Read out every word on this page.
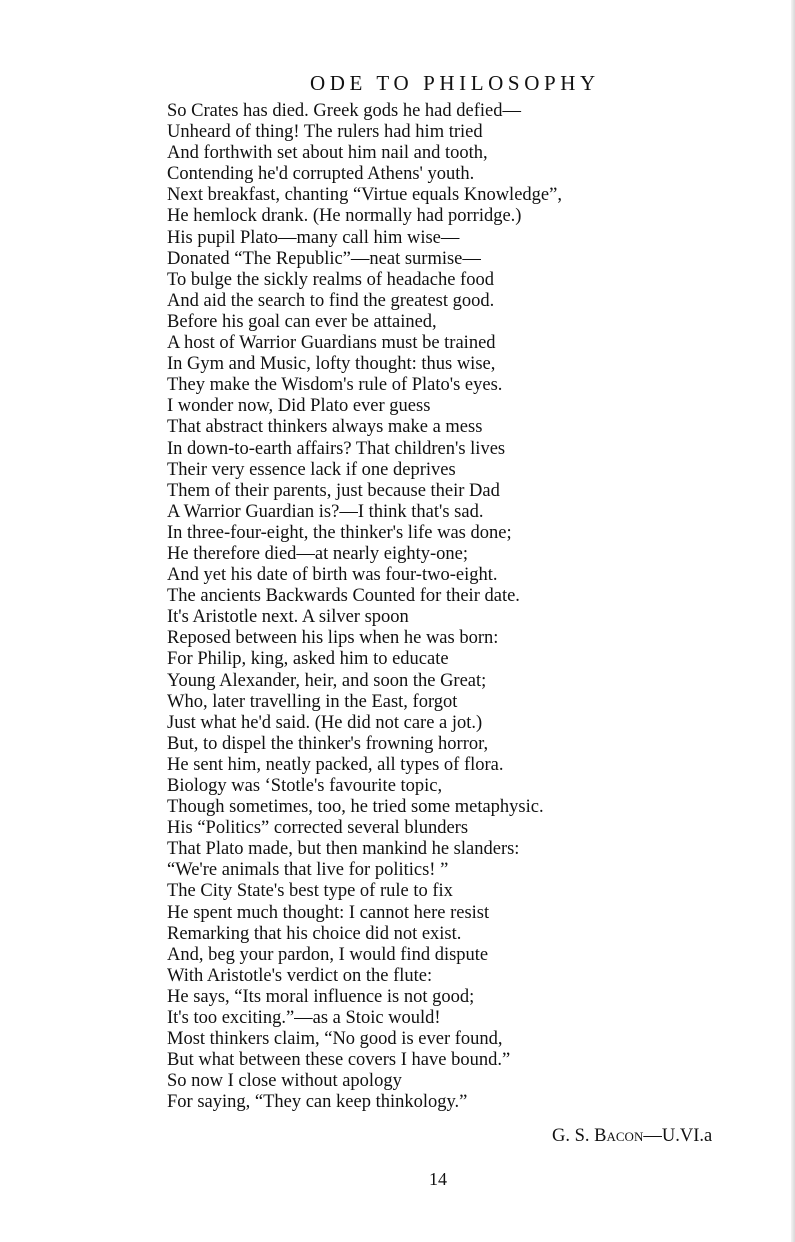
ODE TO PHILOSOPHY
So Crates has died. Greek gods he had defied—
Unheard of thing! The rulers had him tried
And forthwith set about him nail and tooth,
Contending he'd corrupted Athens' youth.
Next breakfast, chanting “Virtue equals Knowledge”,
He hemlock drank. (He normally had porridge.)
His pupil Plato—many call him wise—
Donated “The Republic”—neat surmise—
To bulge the sickly realms of headache food
And aid the search to find the greatest good.
Before his goal can ever be attained,
A host of Warrior Guardians must be trained
In Gym and Music, lofty thought: thus wise,
They make the Wisdom's rule of Plato's eyes.
I wonder now, Did Plato ever guess
That abstract thinkers always make a mess
In down-to-earth affairs? That children's lives
Their very essence lack if one deprives
Them of their parents, just because their Dad
A Warrior Guardian is?—I think that's sad.
In three-four-eight, the thinker's life was done;
He therefore died—at nearly eighty-one;
And yet his date of birth was four-two-eight.
The ancients Backwards Counted for their date.
It's Aristotle next. A silver spoon
Reposed between his lips when he was born:
For Philip, king, asked him to educate
Young Alexander, heir, and soon the Great;
Who, later travelling in the East, forgot
Just what he'd said. (He did not care a jot.)
But, to dispel the thinker's frowning horror,
He sent him, neatly packed, all types of flora.
Biology was ‘Stotle's favourite topic,
Though sometimes, too, he tried some metaphysic.
His “Politics” corrected several blunders
That Plato made, but then mankind he slanders:
“We're animals that live for politics! ”
The City State's best type of rule to fix
He spent much thought: I cannot here resist
Remarking that his choice did not exist.
And, beg your pardon, I would find dispute
With Aristotle's verdict on the flute:
He says, “Its moral influence is not good;
It's too exciting.”—as a Stoic would!
Most thinkers claim, “No good is ever found,
But what between these covers I have bound.”
So now I close without apology
For saying, “They can keep thinkology.”
G. S. Bacon—U.VI.a
14
